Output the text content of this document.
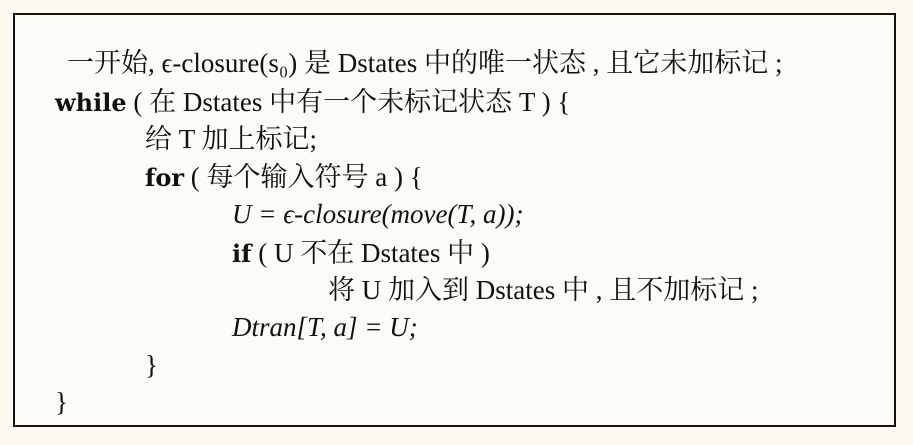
一开始, ϵ-closure(s₀) 是 Dstates 中的唯一状态 , 且它未加标记 ;
while ( 在 Dstates 中有一个未标记状态 T ) {
给 T 加上标记;
for ( 每个输入符号 a ) {
U = ϵ-closure(move(T, a));
if ( U 不在 Dstates 中 )
将 U 加入到 Dstates 中 , 且不加标记 ;
Dtran[T, a] = U;
}
}
